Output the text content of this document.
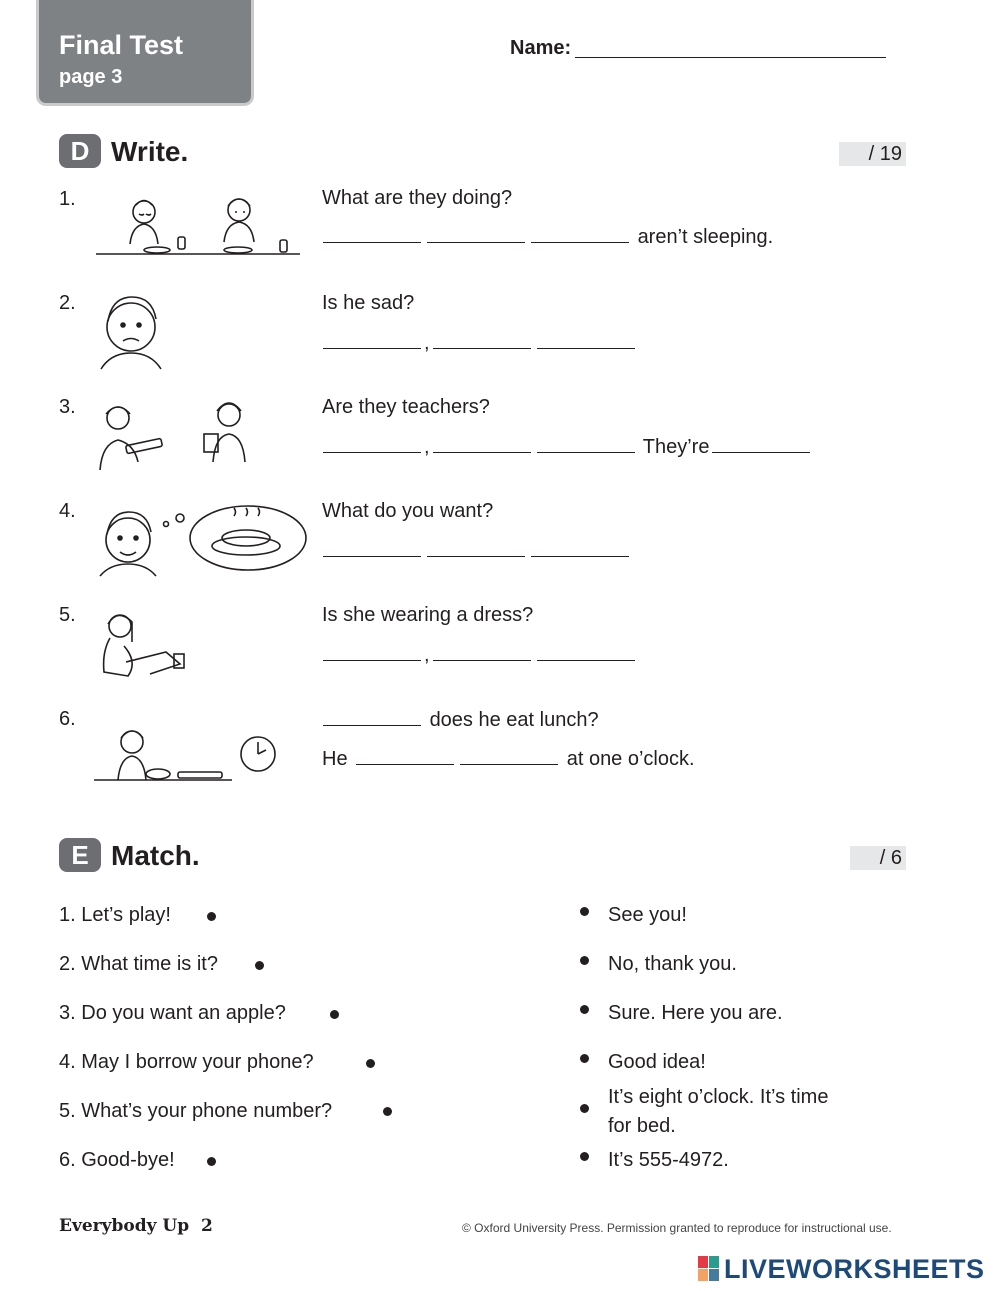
Final Test
page 3
Name:
D Write.	/ 19
1.	What are they doing?
aren’t sleeping.
2.	Is he sad?
,
3.	Are they teachers?
,	They’re
4.	What do you want?
5.	Is she wearing a dress?
,
6.	does he eat lunch?
He	at one o’clock.
E Match.	/ 6
1. Let’s play!
2. What time is it?
3. Do you want an apple?
4. May I borrow your phone?
5. What’s your phone number?
6. Good-bye!
See you!
No, thank you.
Sure. Here you are.
Good idea!
It’s eight o’clock. It’s time
for bed.
It’s 555-4972.
Everybody Up 2	© Oxford University Press. Permission granted to reproduce for instructional use.
LIVEWORKSHEETS
